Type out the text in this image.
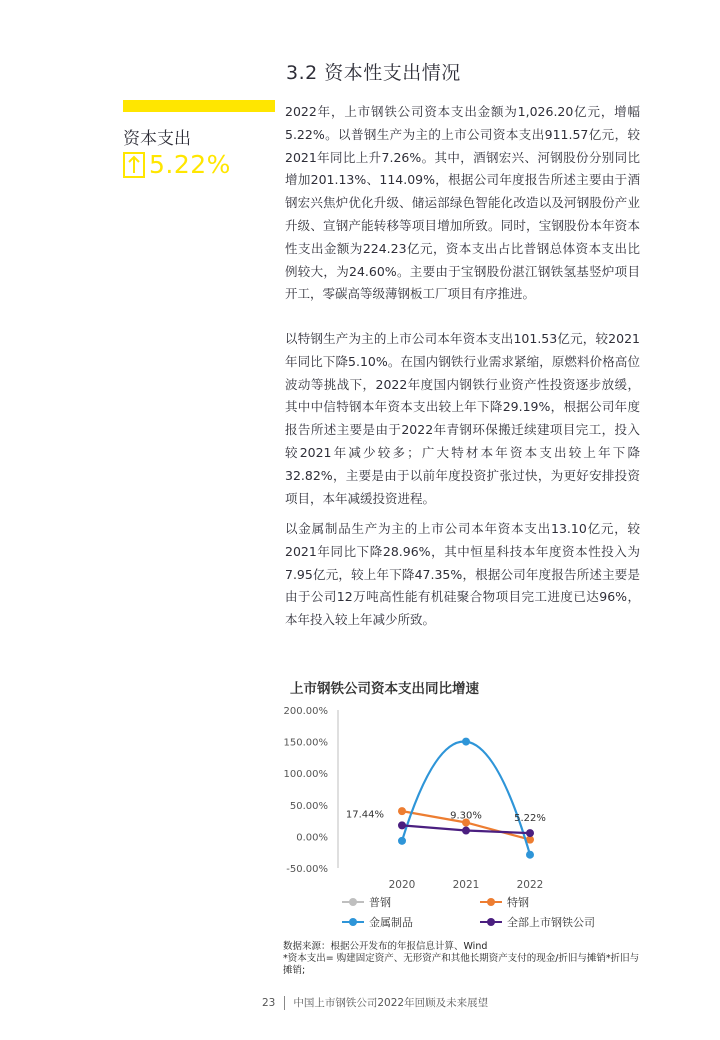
3.2 资本性支出情况
资本支出
5.22%

2022年，上市钢铁公司资本支出金额为1,026.20亿元，增幅5.22%。以普钢生产为主的上市公司资本支出911.57亿元，较2021年同比上升7.26%。其中，酒钢宏兴、河钢股份分别同比增加201.13%、114.09%，根据公司年度报告所述主要由于酒钢宏兴焦炉优化升级、储运部绿色智能化改造以及河钢股份产业升级、宣钢产能转移等项目增加所致。同时，宝钢股份本年资本性支出金额为224.23亿元，资本支出占比普钢总体资本支出比例较大，为24.60%。主要由于宝钢股份湛江钢铁氢基竖炉项目开工，零碳高等级薄钢板工厂项目有序推进。

以特钢生产为主的上市公司本年资本支出101.53亿元，较2021年同比下降5.10%。在国内钢铁行业需求紧缩，原燃料价格高位波动等挑战下，2022年度国内钢铁行业资产性投资逐步放缓，其中中信特钢本年资本支出较上年下降29.19%，根据公司年度报告所述主要是由于2022年青钢环保搬迁续建项目完工，投入较2021年减少较多；广大特材本年资本支出较上年下降32.82%，主要是由于以前年度投资扩张过快，为更好安排投资项目，本年减缓投资进程。

以金属制品生产为主的上市公司本年资本支出13.10亿元，较2021年同比下降28.96%，其中恒星科技本年度资本性投入为7.95亿元，较上年下降47.35%，根据公司年度报告所述主要是由于公司12万吨高性能有机硅聚合物项目完工进度已达96%，本年投入较上年减少所致。

上市钢铁公司资本支出同比增速
200.00%
150.00%
100.00%
50.00%
0.00%
-50.00%
2020	2021	2022
17.44%	9.30%	5.22%
普钢	特钢
金属制品	全部上市钢铁公司
数据来源：根据公开发布的年报信息计算、Wind
*资本支出= 购建固定资产、无形资产和其他长期资产支付的现金/折旧与摊销*折旧与摊销;
23 中国上市钢铁公司2022年回顾及未来展望
